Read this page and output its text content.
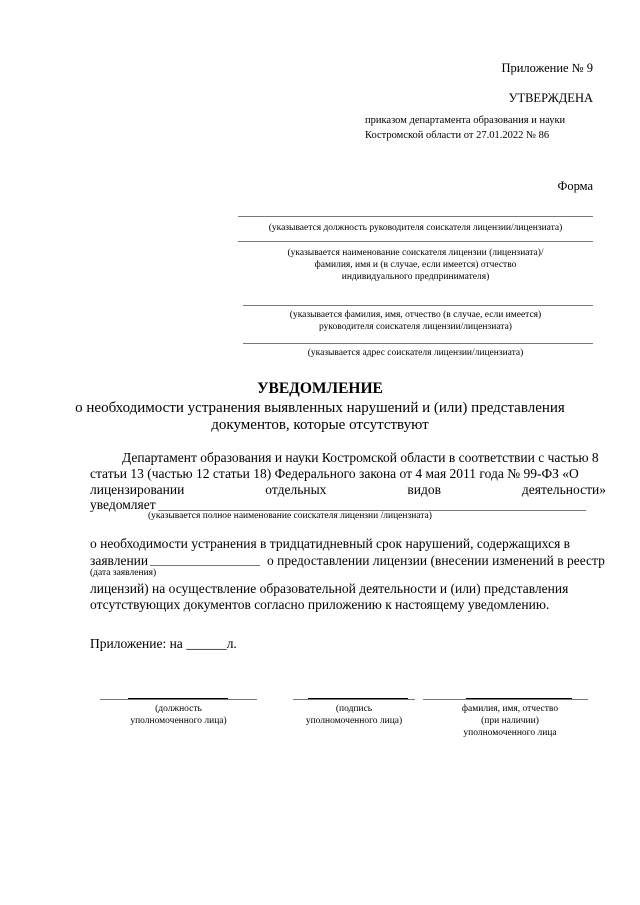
Приложение № 9
УТВЕРЖДЕНА
приказом департамента образования и науки
Костромской области от 27.01.2022 № 86
Форма
(указывается должность руководителя соискателя лицензии/лицензиата)
(указывается наименование соискателя лицензии (лицензиата)/
фамилия, имя и (в случае, если имеется) отчество
индивидуального предпринимателя)
(указывается фамилия, имя, отчество (в случае, если имеется)
руководителя соискателя лицензии/лицензиата)
(указывается адрес соискателя лицензии/лицензиата)
УВЕДОМЛЕНИЕ
о необходимости устранения выявленных нарушений и (или) представления
документов, которые отсутствуют
Департамент образования и науки Костромской области в соответствии с частью 8
статьи 13 (частью 12 статьи 18) Федерального закона от 4 мая 2011 года № 99-ФЗ «О
лицензировании	отдельных	видов	деятельности»
уведомляет
(указывается полное наименование соискателя лицензии /лицензиата)
о необходимости устранения в тридцатидневный срок нарушений, содержащихся в
заявлении	о предоставлении лицензии (внесении изменений в реестр
(дата заявления)
лицензий) на осуществление образовательной деятельности и (или) представления
отсутствующих документов согласно приложению к настоящему уведомлению.
Приложение: на ______л.
(должность
уполномоченного лица)
(подпись
уполномоченного лица)
фамилия, имя, отчество
(при наличии)
уполномоченного лица
